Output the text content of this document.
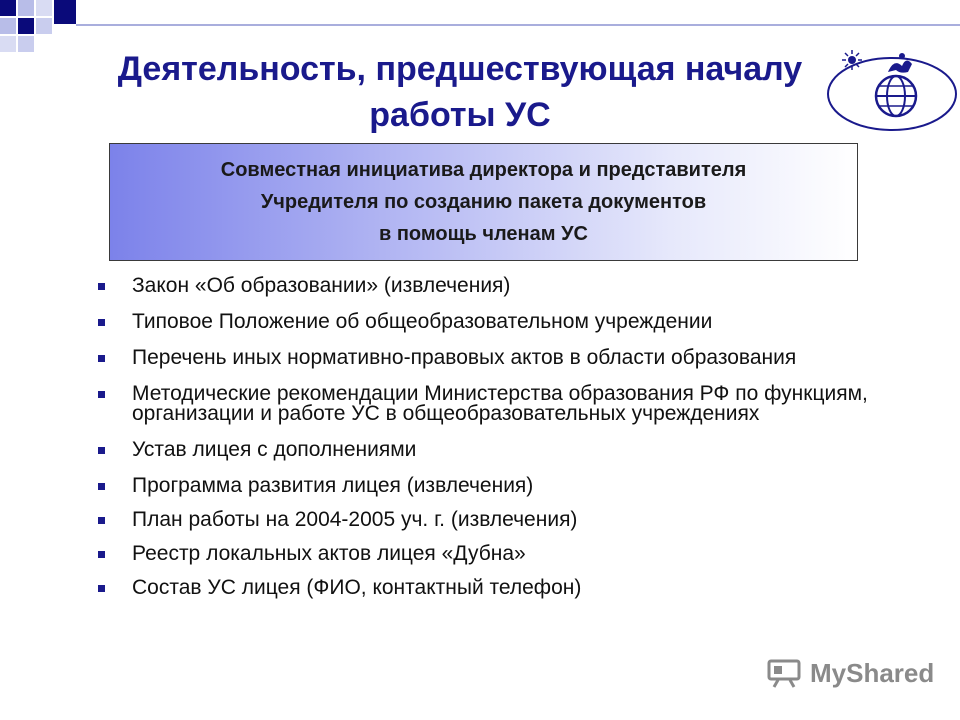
Деятельность, предшествующая началу работы УС
Совместная инициатива директора и представителя
Учредителя по созданию пакета документов
в помощь членам УС
Закон «Об образовании» (извлечения)
Типовое Положение об общеобразовательном учреждении
Перечень иных нормативно-правовых актов в области образования
Методические рекомендации Министерства образования РФ по функциям, организации и работе УС в общеобразовательных учреждениях
Устав лицея с дополнениями
Программа развития лицея (извлечения)
План работы на 2004-2005 уч. г. (извлечения)
Реестр локальных актов лицея «Дубна»
Состав УС лицея (ФИО, контактный телефон)
MyShared
